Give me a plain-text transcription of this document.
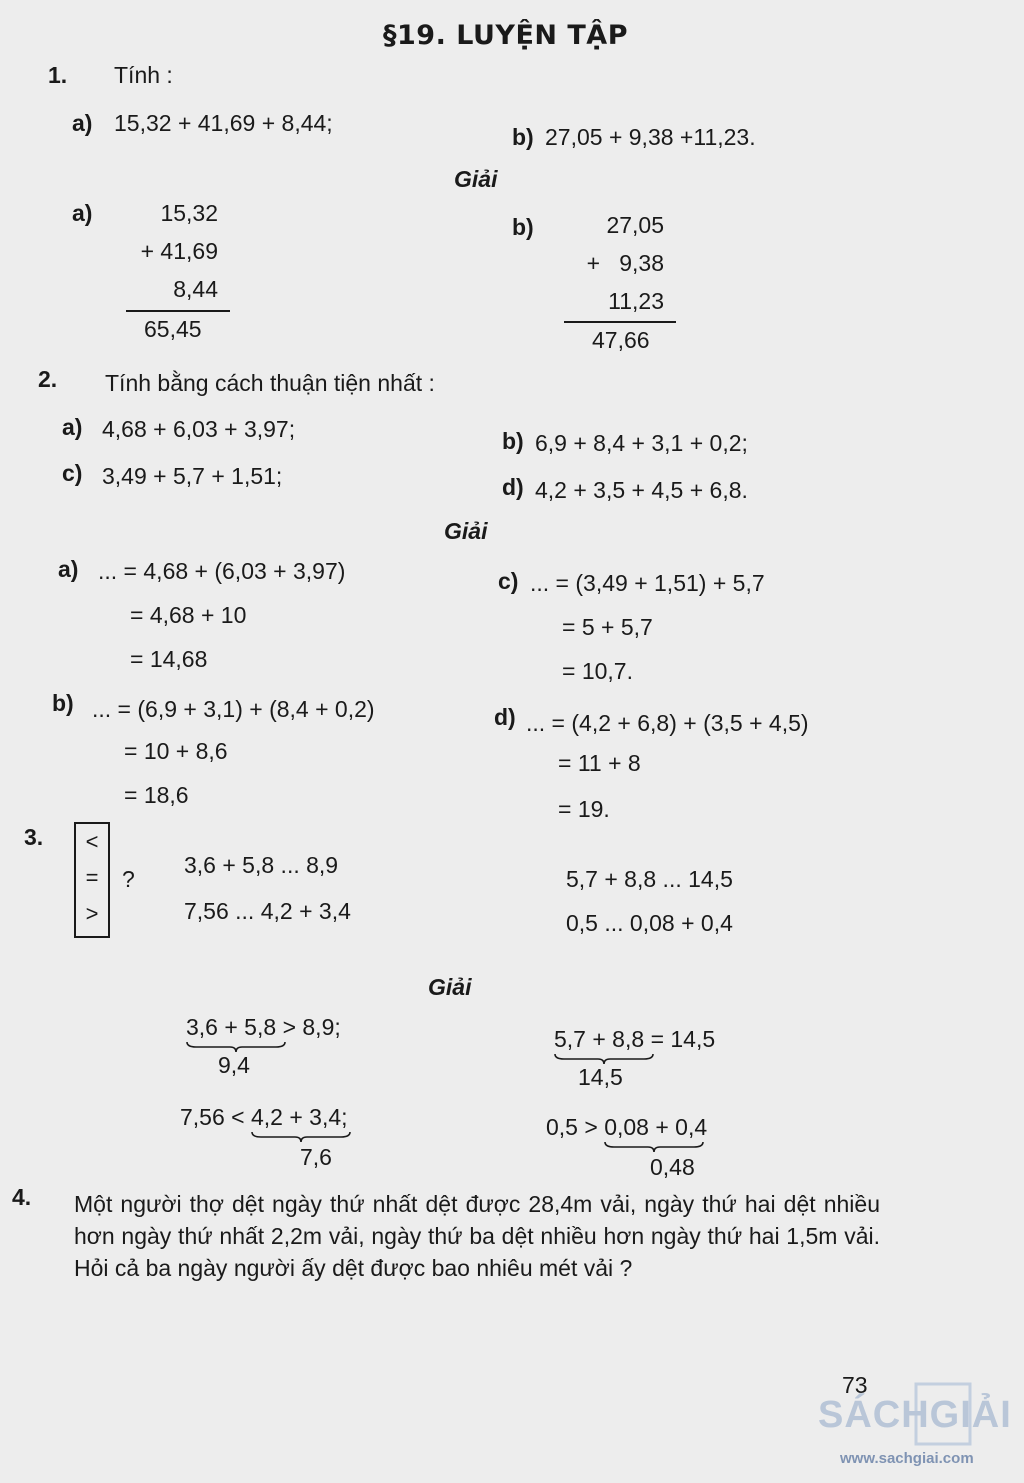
§19. LUYỆN TẬP
1. Tính :
a) 15,32 + 41,69 + 8,44;
b) 27,05 + 9,38 +11,23.
Giải
a)	15,32
+ 41,69
8,44
65,45
b)	27,05
+   9,38
11,23
47,66
2. Tính bằng cách thuận tiện nhất :
a) 4,68 + 6,03 + 3,97;	b) 6,9 + 8,4 + 3,1 + 0,2;
c) 3,49 + 5,7 + 1,51;	d) 4,2 + 3,5 + 4,5 + 6,8.
Giải
a) ... = 4,68 + (6,03 + 3,97)
= 4,68 + 10
= 14,68
c) ... = (3,49 + 1,51) + 5,7
= 5 + 5,7
= 10,7.
b) ... = (6,9 + 3,1) + (8,4 + 0,2)
= 10 + 8,6
= 18,6
d) ... = (4,2 + 6,8) + (3,5 + 4,5)
= 11 + 8
= 19.
3.	<
=
>
?
3,6 + 5,8 ... 8,9
7,56 ... 4,2 + 3,4
5,7 + 8,8 ... 14,5
0,5 ... 0,08 + 0,4
Giải
3,6 + 5,8 > 8,9;
9,4
5,7 + 8,8 = 14,5
14,5
7,56 < 4,2 + 3,4
;
7,6
0,5 > 0,08 + 0,4
0,48
4. Một người thợ dệt ngày thứ nhất dệt được 28,4m vải, ngày thứ hai dệt nhiều hơn ngày thứ nhất 2,2m vải, ngày thứ ba dệt nhiều hơn ngày thứ hai 1,5m vải. Hỏi cả ba ngày người ấy dệt được bao nhiêu mét vải ?
73
SÁCHGIẢI
www.sachgiai.com
